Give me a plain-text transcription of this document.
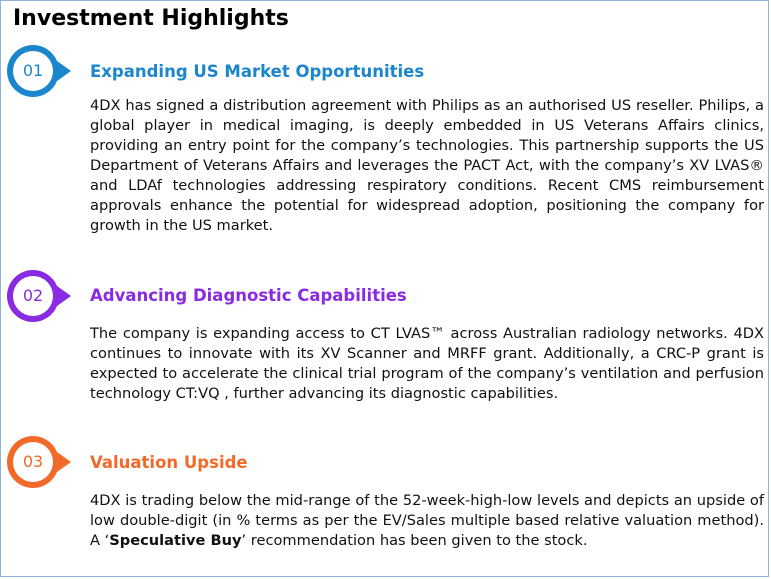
Investment Highlights
01	Expanding US Market Opportunities

4DX has signed a distribution agreement with Philips as an authorised US reseller. Philips, a global player in medical imaging, is deeply embedded in US Veterans Affairs clinics, providing an entry point for the company’s technologies. This partnership supports the US Department of Veterans Affairs and leverages the PACT Act, with the company’s XV LVAS® and LDAf technologies addressing respiratory conditions. Recent CMS reimbursement approvals enhance the potential for widespread adoption, positioning the company for growth in the US market.

02	Advancing Diagnostic Capabilities

The company is expanding access to CT LVAS™ across Australian radiology networks. 4DX continues to innovate with its XV Scanner and MRFF grant. Additionally, a CRC-P grant is expected to accelerate the clinical trial program of the company’s ventilation and perfusion technology CT:VQ , further advancing its diagnostic capabilities.

03	Valuation Upside

4DX is trading below the mid-range of the 52-week-high-low levels and depicts an upside of low double-digit (in % terms as per the EV/Sales multiple based relative valuation method). A ‘Speculative Buy’ recommendation has been given to the stock.
